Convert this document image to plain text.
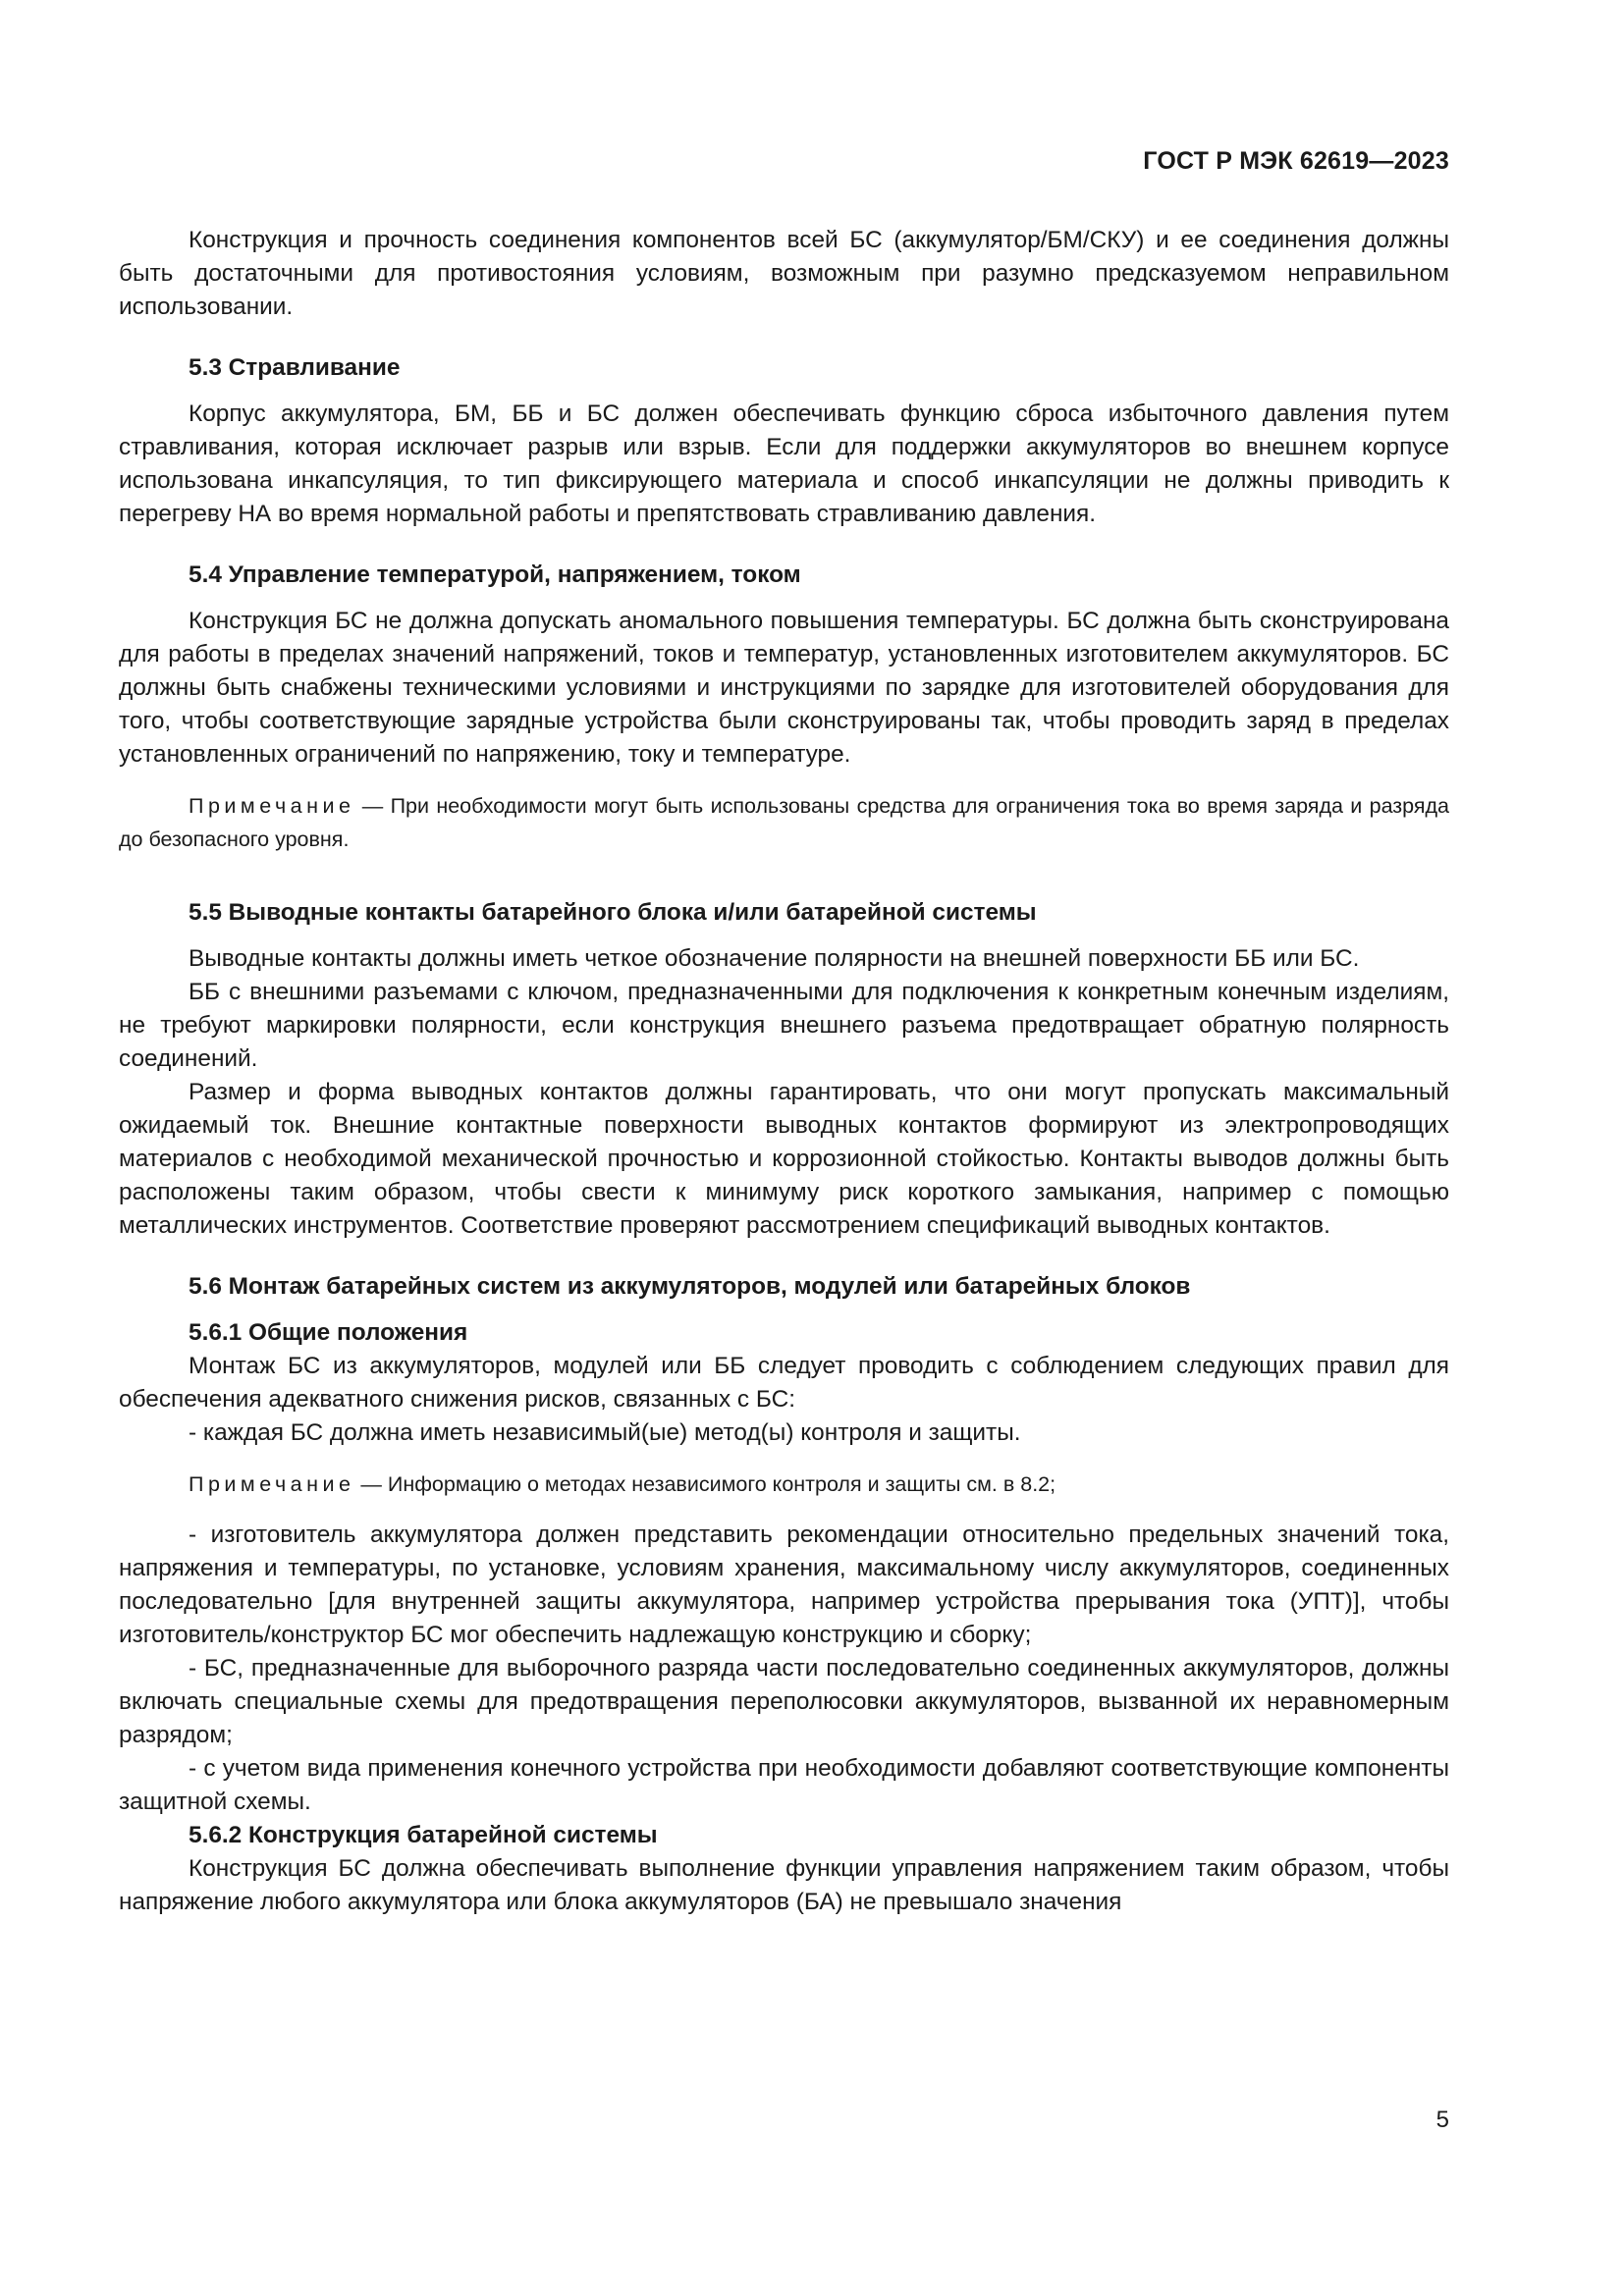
ГОСТ Р МЭК 62619—2023

Конструкция и прочность соединения компонентов всей БС (аккумулятор/БМ/СКУ) и ее соединения должны быть достаточными для противостояния условиям, возможным при разумно предсказуемом неправильном использовании.

5.3 Стравливание

Корпус аккумулятора, БМ, ББ и БС должен обеспечивать функцию сброса избыточного давления путем стравливания, которая исключает разрыв или взрыв. Если для поддержки аккумуляторов во внешнем корпусе использована инкапсуляция, то тип фиксирующего материала и способ инкапсуляции не должны приводить к перегреву НА во время нормальной работы и препятствовать стравливанию давления.

5.4 Управление температурой, напряжением, током

Конструкция БС не должна допускать аномального повышения температуры. БС должна быть сконструирована для работы в пределах значений напряжений, токов и температур, установленных изготовителем аккумуляторов. БС должны быть снабжены техническими условиями и инструкциями по зарядке для изготовителей оборудования для того, чтобы соответствующие зарядные устройства были сконструированы так, чтобы проводить заряд в пределах установленных ограничений по напряжению, току и температуре.

Примечание — При необходимости могут быть использованы средства для ограничения тока во время заряда и разряда до безопасного уровня.

5.5 Выводные контакты батарейного блока и/или батарейной системы

Выводные контакты должны иметь четкое обозначение полярности на внешней поверхности ББ или БС.

ББ с внешними разъемами с ключом, предназначенными для подключения к конкретным конечным изделиям, не требуют маркировки полярности, если конструкция внешнего разъема предотвращает обратную полярность соединений.

Размер и форма выводных контактов должны гарантировать, что они могут пропускать максимальный ожидаемый ток. Внешние контактные поверхности выводных контактов формируют из электропроводящих материалов с необходимой механической прочностью и коррозионной стойкостью. Контакты выводов должны быть расположены таким образом, чтобы свести к минимуму риск короткого замыкания, например с помощью металлических инструментов. Соответствие проверяют рассмотрением спецификаций выводных контактов.

5.6 Монтаж батарейных систем из аккумуляторов, модулей или батарейных блоков

5.6.1 Общие положения

Монтаж БС из аккумуляторов, модулей или ББ следует проводить с соблюдением следующих правил для обеспечения адекватного снижения рисков, связанных с БС:

- каждая БС должна иметь независимый(ые) метод(ы) контроля и защиты.

Примечание — Информацию о методах независимого контроля и защиты см. в 8.2;

- изготовитель аккумулятора должен представить рекомендации относительно предельных значений тока, напряжения и температуры, по установке, условиям хранения, максимальному числу аккумуляторов, соединенных последовательно [для внутренней защиты аккумулятора, например устройства прерывания тока (УПТ)], чтобы изготовитель/конструктор БС мог обеспечить надлежащую конструкцию и сборку;

- БС, предназначенные для выборочного разряда части последовательно соединенных аккумуляторов, должны включать специальные схемы для предотвращения переполюсовки аккумуляторов, вызванной их неравномерным разрядом;

- с учетом вида применения конечного устройства при необходимости добавляют соответствующие компоненты защитной схемы.

5.6.2 Конструкция батарейной системы

Конструкция БС должна обеспечивать выполнение функции управления напряжением таким образом, чтобы напряжение любого аккумулятора или блока аккумуляторов (БА) не превышало значения

5
